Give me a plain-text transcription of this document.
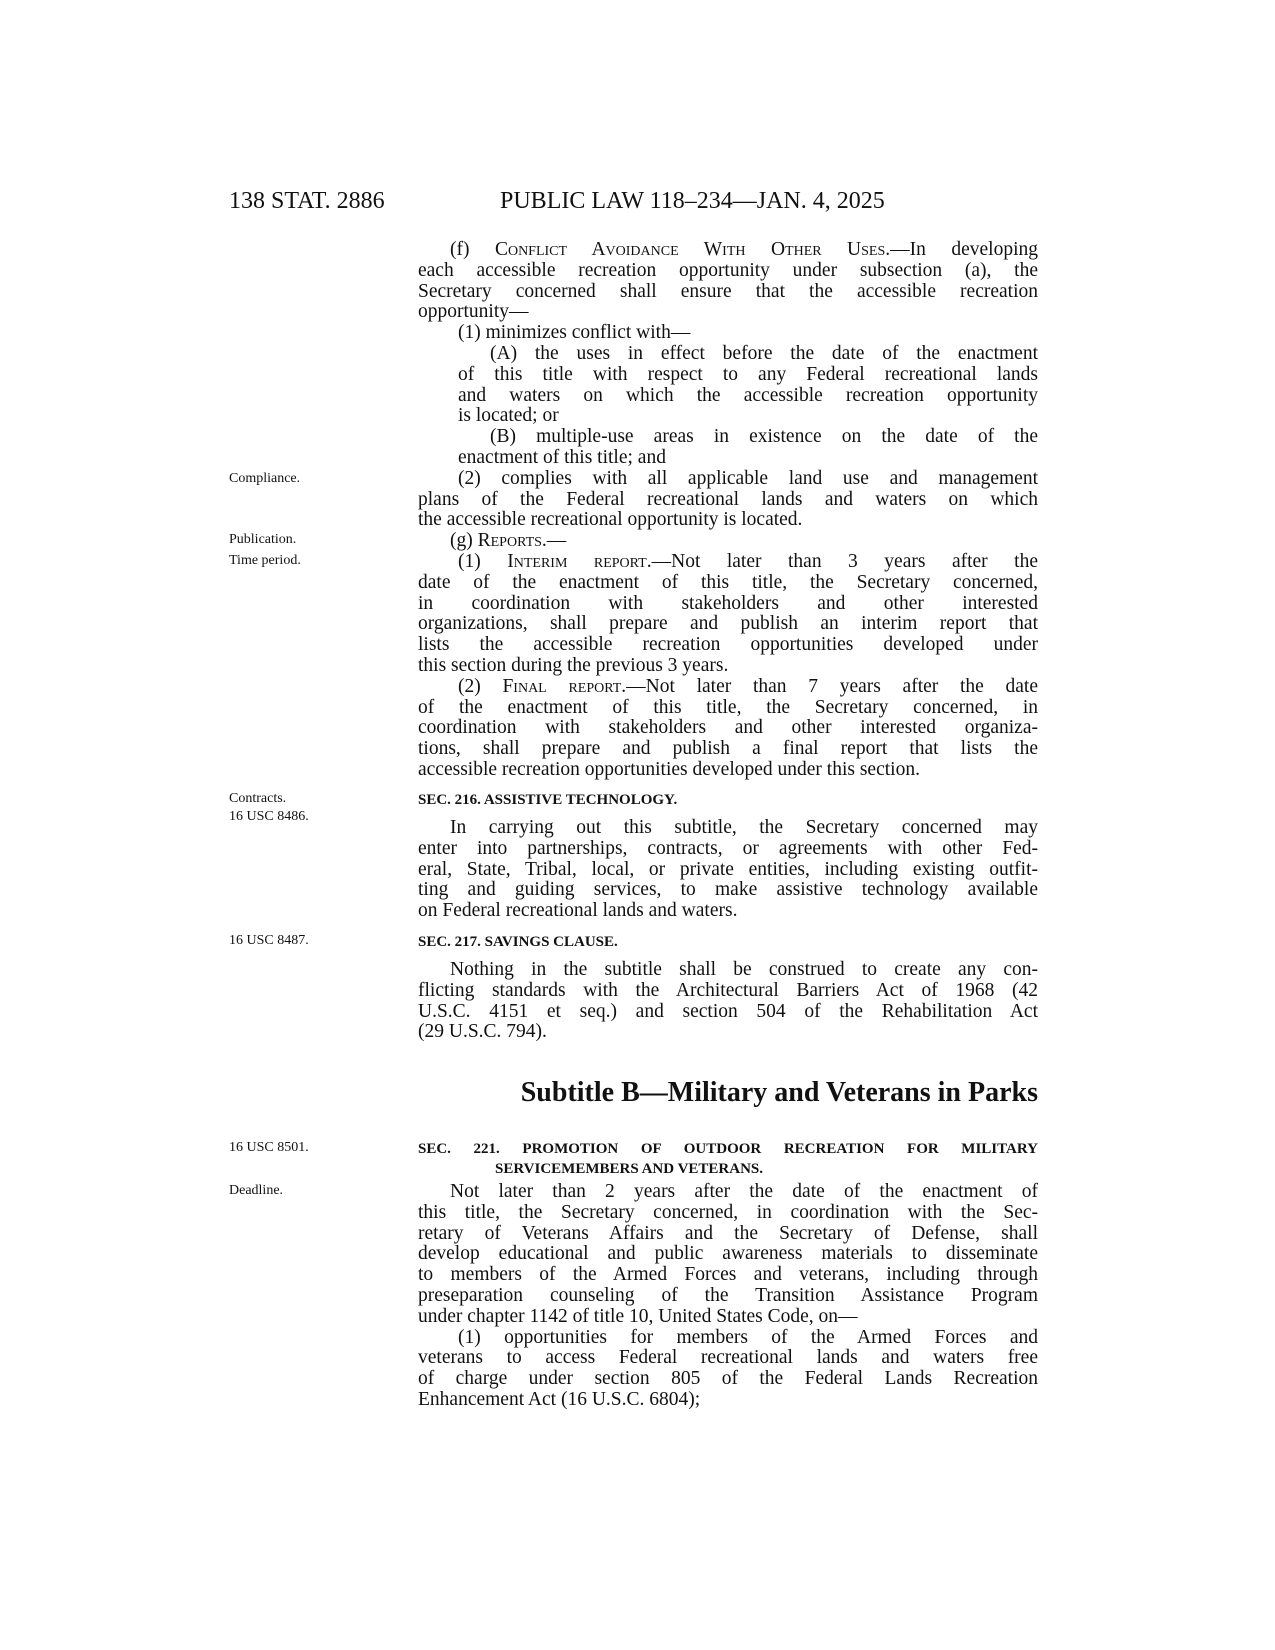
138 STAT. 2886	PUBLIC LAW 118–234—JAN. 4, 2025
Compliance.
Publication.
Time period.
Contracts.
16 USC 8486.
16 USC 8487.
16 USC 8501.
Deadline.
(f) Conflict Avoidance With Other Uses.—In developing
each accessible recreation opportunity under subsection (a), the
Secretary concerned shall ensure that the accessible recreation
opportunity—
(1) minimizes conflict with—
(A) the uses in effect before the date of the enactment
of this title with respect to any Federal recreational lands
and waters on which the accessible recreation opportunity
is located; or
(B) multiple-use areas in existence on the date of the
enactment of this title; and
(2) complies with all applicable land use and management
plans of the Federal recreational lands and waters on which
the accessible recreational opportunity is located.
(g) Reports.—
(1) Interim report.—Not later than 3 years after the
date of the enactment of this title, the Secretary concerned,
in coordination with stakeholders and other interested
organizations, shall prepare and publish an interim report that
lists the accessible recreation opportunities developed under
this section during the previous 3 years.
(2) Final report.—Not later than 7 years after the date
of the enactment of this title, the Secretary concerned, in
coordination with stakeholders and other interested organiza-
tions, shall prepare and publish a final report that lists the
accessible recreation opportunities developed under this section.
SEC. 216. ASSISTIVE TECHNOLOGY.
In carrying out this subtitle, the Secretary concerned may
enter into partnerships, contracts, or agreements with other Fed-
eral, State, Tribal, local, or private entities, including existing outfit-
ting and guiding services, to make assistive technology available
on Federal recreational lands and waters.
SEC. 217. SAVINGS CLAUSE.
Nothing in the subtitle shall be construed to create any con-
flicting standards with the Architectural Barriers Act of 1968 (42
U.S.C. 4151 et seq.) and section 504 of the Rehabilitation Act
(29 U.S.C. 794).
Subtitle B—Military and Veterans in Parks
SEC. 221. PROMOTION OF OUTDOOR RECREATION FOR MILITARY
SERVICEMEMBERS AND VETERANS.
Not later than 2 years after the date of the enactment of
this title, the Secretary concerned, in coordination with the Sec-
retary of Veterans Affairs and the Secretary of Defense, shall
develop educational and public awareness materials to disseminate
to members of the Armed Forces and veterans, including through
preseparation counseling of the Transition Assistance Program
under chapter 1142 of title 10, United States Code, on—
(1) opportunities for members of the Armed Forces and
veterans to access Federal recreational lands and waters free
of charge under section 805 of the Federal Lands Recreation
Enhancement Act (16 U.S.C. 6804);
